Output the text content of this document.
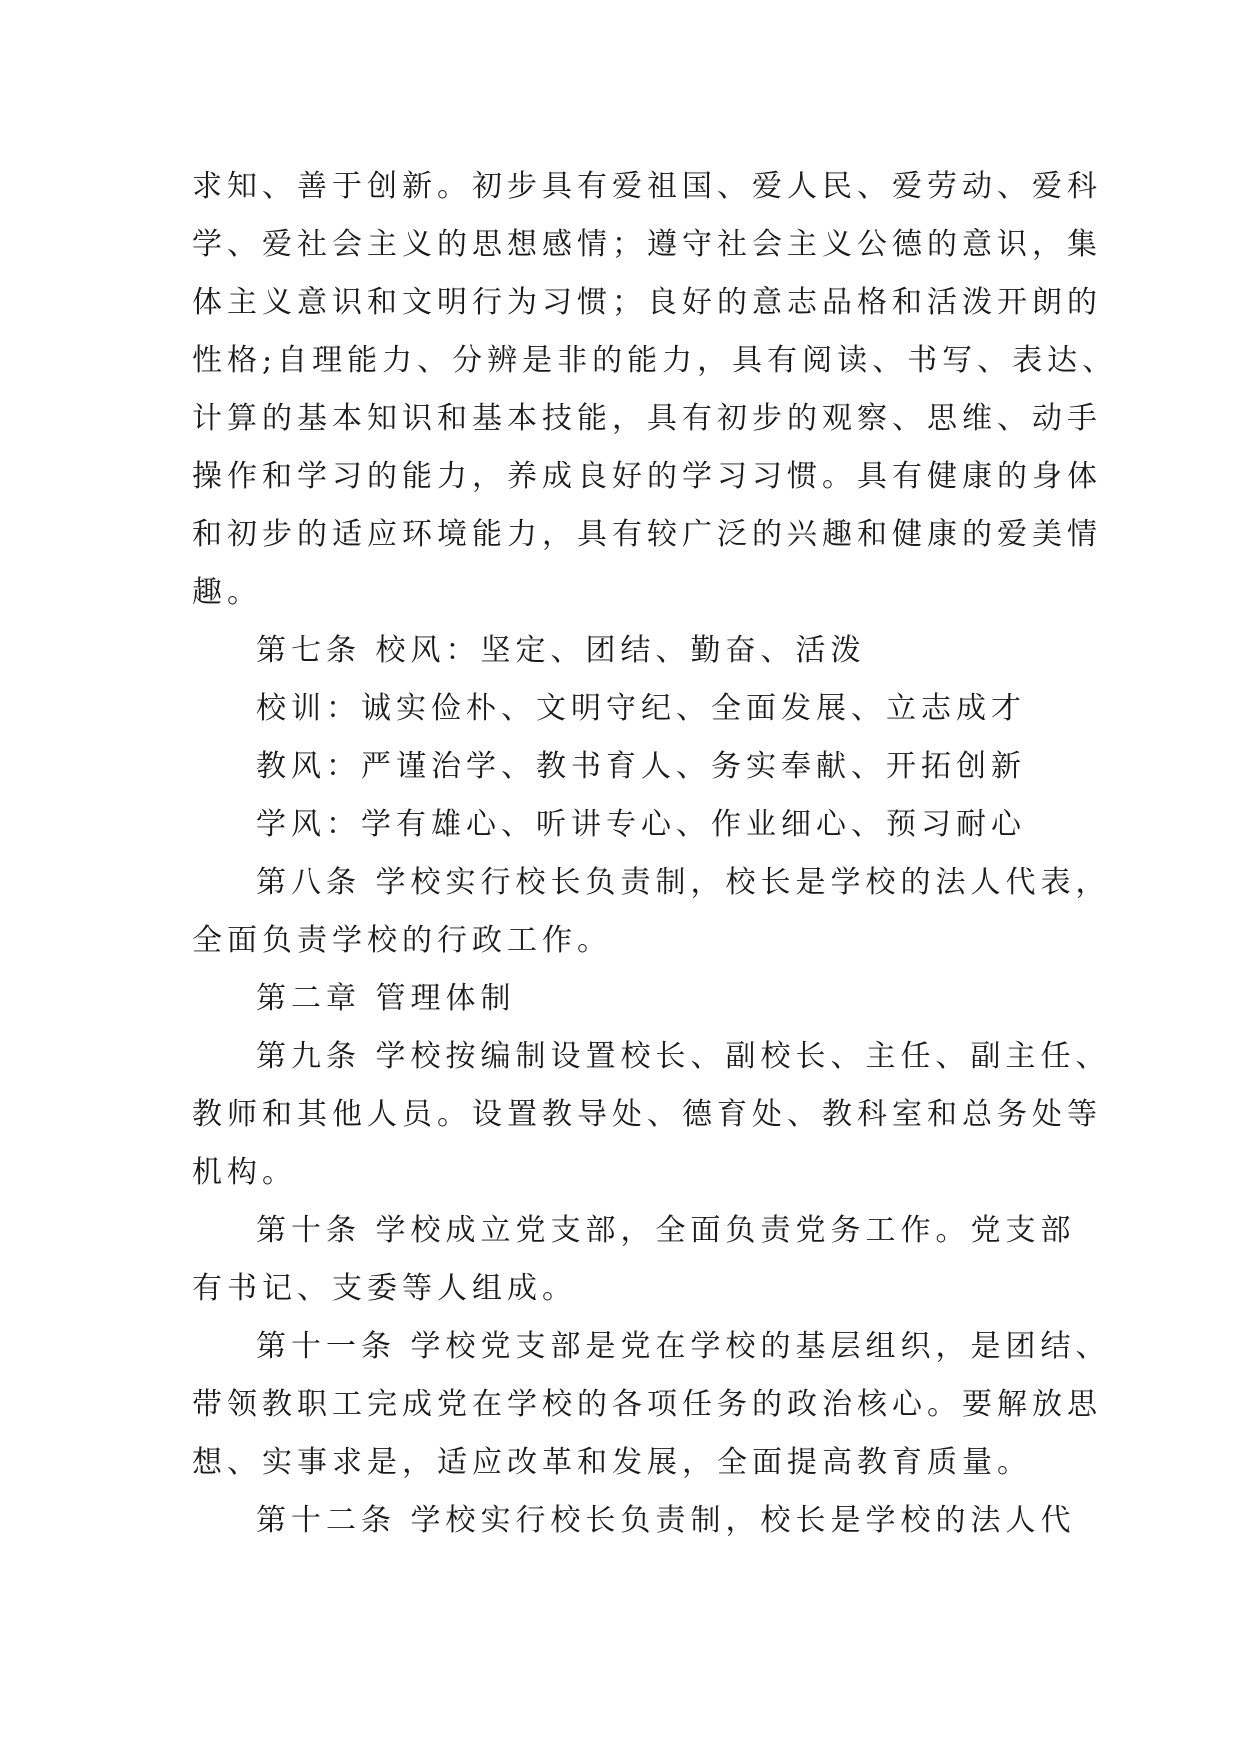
求知、善于创新。初步具有爱祖国、爱人民、爱劳动、爱科
学、爱社会主义的思想感情；遵守社会主义公德的意识，集
体主义意识和文明行为习惯；良好的意志品格和活泼开朗的
性格;自理能力、分辨是非的能力，具有阅读、书写、表达、
计算的基本知识和基本技能，具有初步的观察、思维、动手
操作和学习的能力，养成良好的学习习惯。具有健康的身体
和初步的适应环境能力，具有较广泛的兴趣和健康的爱美情
趣。
第七条 校风：坚定、团结、勤奋、活泼
校训：诚实俭朴、文明守纪、全面发展、立志成才
教风：严谨治学、教书育人、务实奉献、开拓创新
学风：学有雄心、听讲专心、作业细心、预习耐心
第八条 学校实行校长负责制，校长是学校的法人代表，
全面负责学校的行政工作。
第二章 管理体制
第九条 学校按编制设置校长、副校长、主任、副主任、
教师和其他人员。设置教导处、德育处、教科室和总务处等
机构。
第十条 学校成立党支部，全面负责党务工作。党支部
有书记、支委等人组成。
第十一条 学校党支部是党在学校的基层组织，是团结、
带领教职工完成党在学校的各项任务的政治核心。要解放思
想、实事求是，适应改革和发展，全面提高教育质量。
第十二条 学校实行校长负责制，校长是学校的法人代
